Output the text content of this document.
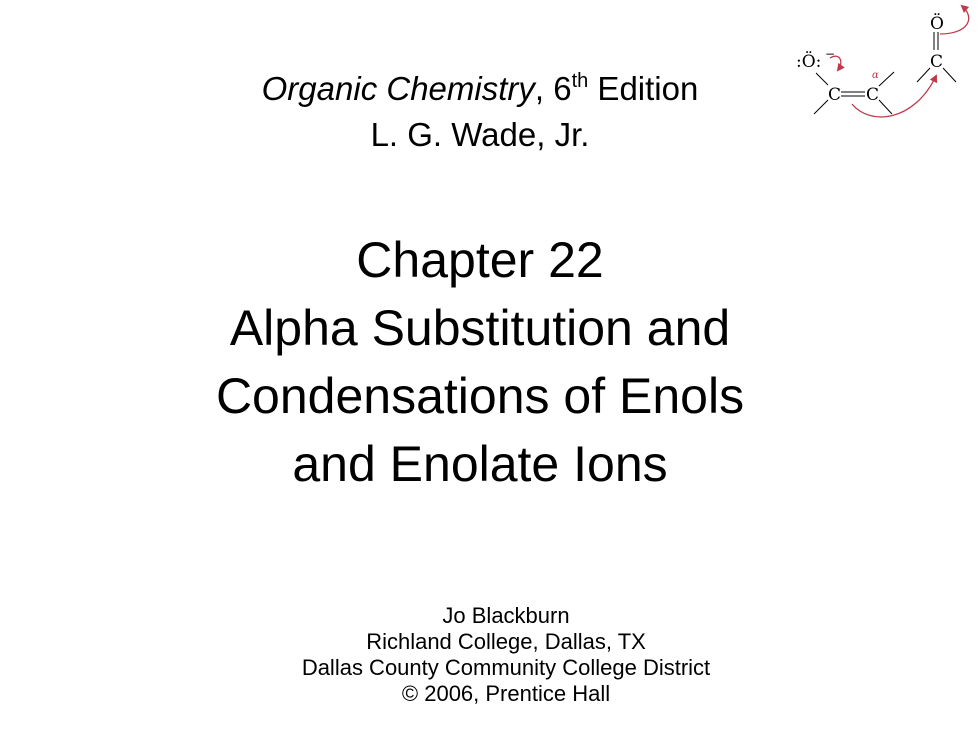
Organic Chemistry, 6th Edition
L. G. Wade, Jr.
Chapter 22
Alpha Substitution and
Condensations of Enols
and Enolate Ions
Jo Blackburn
Richland College, Dallas, TX
Dallas County Community College District
© 2006, Prentice Hall
:Ö: −
C C
α
Ö
C
